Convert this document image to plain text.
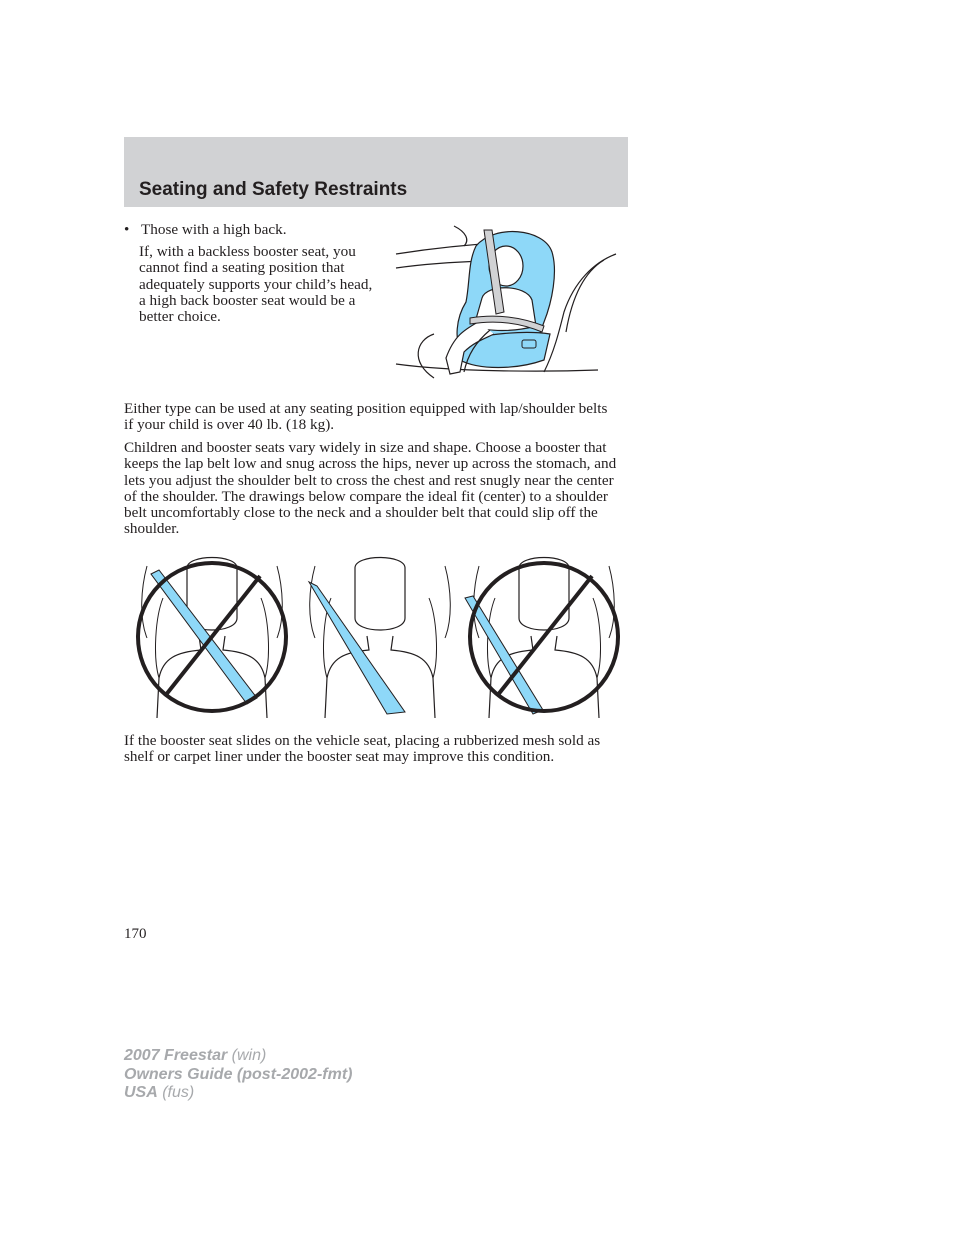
Seating and Safety Restraints
• Those with a high back.
If, with a backless booster seat, you cannot find a seating position that adequately supports your child’s head, a high back booster seat would be a better choice.
Either type can be used at any seating position equipped with lap/shoulder belts if your child is over 40 lb. (18 kg).
Children and booster seats vary widely in size and shape. Choose a booster that keeps the lap belt low and snug across the hips, never up across the stomach, and lets you adjust the shoulder belt to cross the chest and rest snugly near the center of the shoulder. The drawings below compare the ideal fit (center) to a shoulder belt uncomfortably close to the neck and a shoulder belt that could slip off the shoulder.
If the booster seat slides on the vehicle seat, placing a rubberized mesh sold as shelf or carpet liner under the booster seat may improve this condition.
170
2007 Freestar (win)
Owners Guide (post-2002-fmt)
USA (fus)
